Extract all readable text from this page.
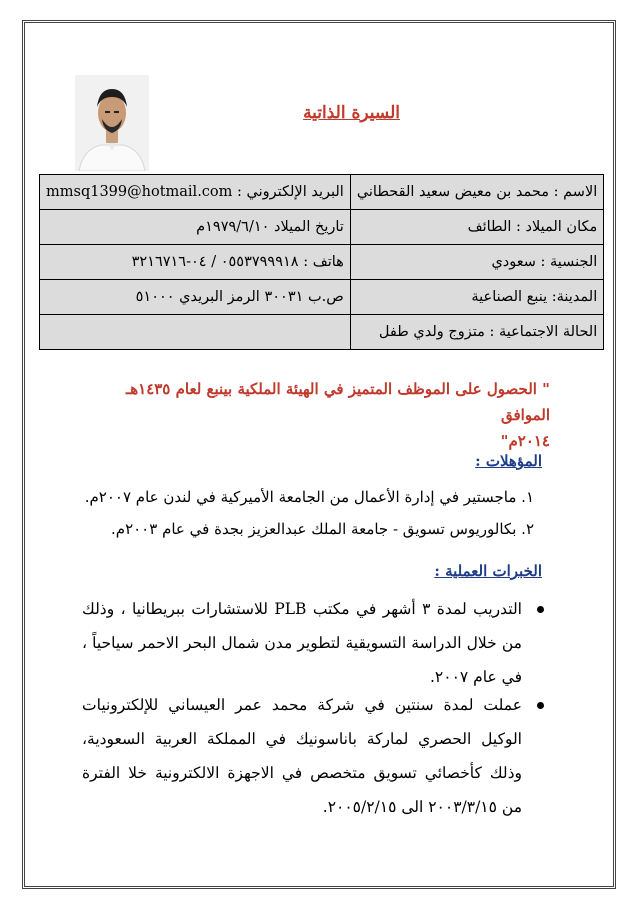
السيرة الذاتية
الاسم : محمد بن معيض سعيد القحطاني	البريد الإلكتروني : mmsq1399@hotmail.com
مكان الميلاد : الطائف	تاريخ الميلاد ١٩٧٩/٦/١٠م
الجنسية : سعودي	هاتف : ٠٥٥٣٧٩٩٩١٨ / ٠٤-٣٢١٦٧١٦
المدينة: ينبع الصناعية	ص.ب ٣٠٠٣١ الرمز البريدي ٥١٠٠٠
الحالة الاجتماعية : متزوج ولدي طفل	
" الحصول على الموظف المتميز في الهيئة الملكية بينبع لعام ١٤٣٥هـ الموافق
٢٠١٤م"
المؤهلات :
١. ماجستير في إدارة الأعمال من الجامعة الأميركية في لندن عام ٢٠٠٧م.
٢. بكالوريوس تسويق - جامعة الملك عبدالعزيز بجدة في عام ٢٠٠٣م.
الخبرات العملية :
التدريب لمدة ٣ أشهر في مكتب PLB للاستشارات ببريطانيا ، وذلك من خلال الدراسة التسويقية لتطوير مدن شمال البحر الاحمر سياحياً ، في عام ٢٠٠٧.
عملت لمدة سنتين في شركة محمد عمر العيساني للإلكترونيات الوكيل الحصري لماركة باناسونيك في المملكة العربية السعودية، وذلك كأخصائي تسويق متخصص في الاجهزة الالكترونية خلا الفترة من ٢٠٠٣/٣/١٥ الى ٢٠٠٥/٢/١٥.
